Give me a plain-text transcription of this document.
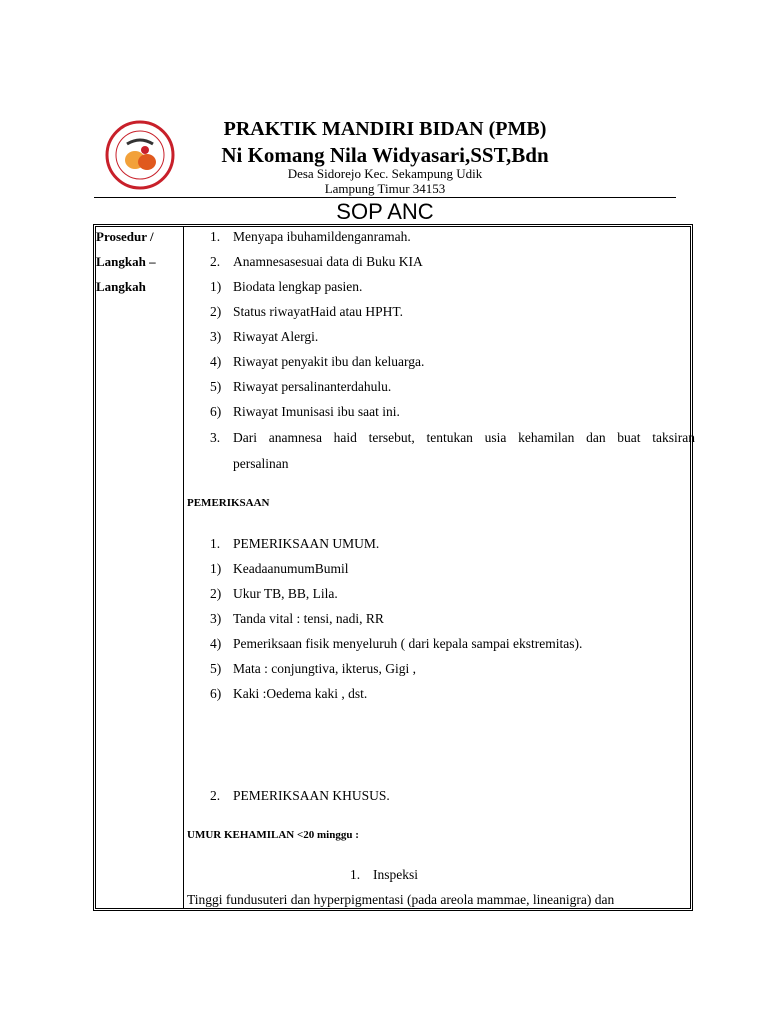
PRAKTIK MANDIRI BIDAN (PMB)
Ni Komang Nila Widyasari,SST,Bdn
Desa Sidorejo Kec. Sekampung Udik
Lampung Timur 34153
SOP ANC
Prosedur /
Langkah –
Langkah
1. Menyapa ibuhamildenganramah.
2. Anamnesasesuai data di Buku KIA
1) Biodata lengkap pasien.
2) Status riwayatHaid atau HPHT.
3) Riwayat Alergi.
4) Riwayat penyakit ibu dan keluarga.
5) Riwayat persalinanterdahulu.
6) Riwayat Imunisasi ibu saat ini.
3. Dari anamnesa haid tersebut, tentukan usia kehamilan dan buat taksiran
persalinan
PEMERIKSAAN
1. PEMERIKSAAN UMUM.
1) KeadaanumumBumil
2) Ukur TB, BB, Lila.
3) Tanda vital : tensi, nadi, RR
4) Pemeriksaan fisik menyeluruh ( dari kepala sampai ekstremitas).
5) Mata : conjungtiva, ikterus, Gigi ,
6) Kaki :Oedema kaki , dst.
2. PEMERIKSAAN KHUSUS.
UMUR KEHAMILAN <20 minggu :
1. Inspeksi
Tinggi fundusuteri dan hyperpigmentasi (pada areola mammae, lineanigra) dan
